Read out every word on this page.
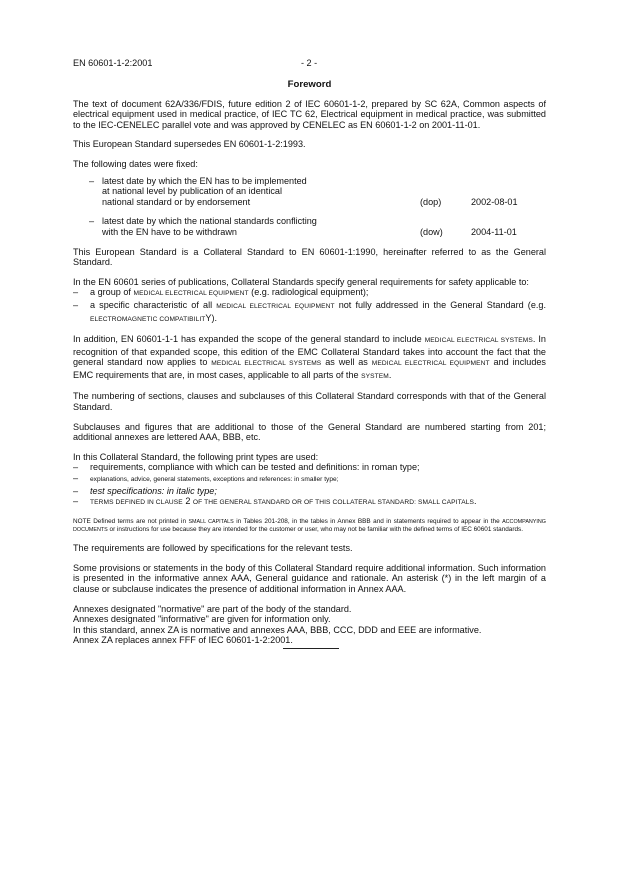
EN 60601-1-2:2001	- 2 -
Foreword

The text of document 62A/336/FDIS, future edition 2 of IEC 60601-1-2, prepared by SC 62A, Common aspects of electrical equipment used in medical practice, of IEC TC 62, Electrical equipment in medical practice, was submitted to the IEC-CENELEC parallel vote and was approved by CENELEC as EN 60601-1-2 on 2001-11-01.

This European Standard supersedes EN 60601-1-2:1993.

The following dates were fixed:

– latest date by which the EN has to be implemented
at national level by publication of an identical
national standard or by endorsement	(dop)	2002-08-01
– latest date by which the national standards conflicting
with the EN have to be withdrawn	(dow)	2004-11-01

This European Standard is a Collateral Standard to EN 60601-1:1990, hereinafter referred to as the General Standard.

In the EN 60601 series of publications, Collateral Standards specify general requirements for safety applicable to:

– a group of MEDICAL ELECTRICAL EQUIPMENT (e.g. radiological equipment);
– a specific characteristic of all MEDICAL ELECTRICAL EQUIPMENT not fully addressed in the General Standard (e.g. ELECTROMAGNETIC COMPATIBILITY).

In addition, EN 60601-1-1 has expanded the scope of the general standard to include MEDICAL ELECTRICAL SYSTEMS. In recognition of that expanded scope, this edition of the EMC Collateral Standard takes into account the fact that the general standard now applies to MEDICAL ELECTRICAL SYSTEMS as well as MEDICAL ELECTRICAL EQUIPMENT and includes EMC requirements that are, in most cases, applicable to all parts of the SYSTEM.

The numbering of sections, clauses and subclauses of this Collateral Standard corresponds with that of the General Standard.

Subclauses and figures that are additional to those of the General Standard are numbered starting from 201; additional annexes are lettered AAA, BBB, etc.

In this Collateral Standard, the following print types are used:

– requirements, compliance with which can be tested and definitions: in roman type;
– explanations, advice, general statements, exceptions and references: in smaller type;
– test specifications: in italic type;
– TERMS DEFINED IN CLAUSE 2 OF THE GENERAL STANDARD OR OF THIS COLLATERAL STANDARD: SMALL CAPITALS.
NOTE Defined terms are not printed in SMALL CAPITALS in Tables 201-208, in the tables in Annex BBB and in statements required to appear in the ACCOMPANYING DOCUMENTS or instructions for use because they are intended for the customer or user, who may not be familiar with the defined terms of IEC 60601 standards.

The requirements are followed by specifications for the relevant tests.

Some provisions or statements in the body of this Collateral Standard require additional information. Such information is presented in the informative annex AAA, General guidance and rationale. An asterisk (*) in the left margin of a clause or subclause indicates the presence of additional information in Annex AAA.

Annexes designated "normative" are part of the body of the standard.
Annexes designated "informative" are given for information only.
In this standard, annex ZA is normative and annexes AAA, BBB, CCC, DDD and EEE are informative.
Annex ZA replaces annex FFF of IEC 60601-1-2:2001.
